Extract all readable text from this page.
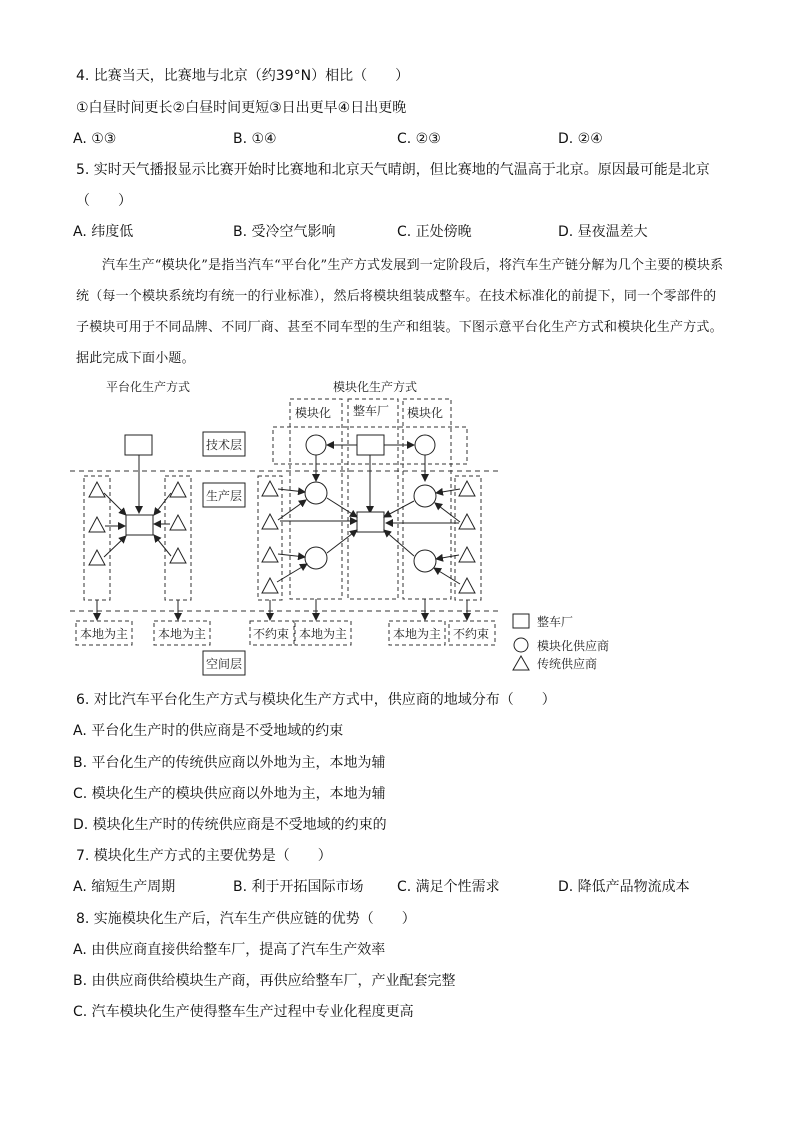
4. 比赛当天，比赛地与北京（约39°N）相比（　　）
①白昼时间更长②白昼时间更短③日出更早④日出更晚
A. ①③	B. ①④	C. ②③	D. ②④
5. 实时天气播报显示比赛开始时比赛地和北京天气晴朗，但比赛地的气温高于北京。原因最可能是北京
（　　）
A. 纬度低	B. 受冷空气影响	C. 正处傍晚	D. 昼夜温差大
汽车生产“模块化”是指当汽车“平台化”生产方式发展到一定阶段后，将汽车生产链分解为几个主要的模块系统（每一个模块系统均有统一的行业标准），然后将模块组装成整车。在技术标准化的前提下，同一个零部件的子模块可用于不同品牌、不同厂商、甚至不同车型的生产和组装。下图示意平台化生产方式和模块化生产方式。据此完成下面小题。
平台化生产方式	模块化生产方式
技术层
生产层
空间层
模块化 整车厂 模块化
本地为主 本地为主	不约束 本地为主	本地为主 不约束
整车厂
模块化供应商
传统供应商
6. 对比汽车平台化生产方式与模块化生产方式中，供应商的地域分布（　　）
A. 平台化生产时的供应商是不受地域的约束
B. 平台化生产的传统供应商以外地为主，本地为辅
C. 模块化生产的模块供应商以外地为主，本地为辅
D. 模块化生产时的传统供应商是不受地域的约束的
7. 模块化生产方式的主要优势是（　　）
A. 缩短生产周期	B. 利于开拓国际市场 C. 满足个性需求	D. 降低产品物流成本
8. 实施模块化生产后，汽车生产供应链的优势（　　）
A. 由供应商直接供给整车厂，提高了汽车生产效率
B. 由供应商供给模块生产商，再供应给整车厂，产业配套完整
C. 汽车模块化生产使得整车生产过程中专业化程度更高
